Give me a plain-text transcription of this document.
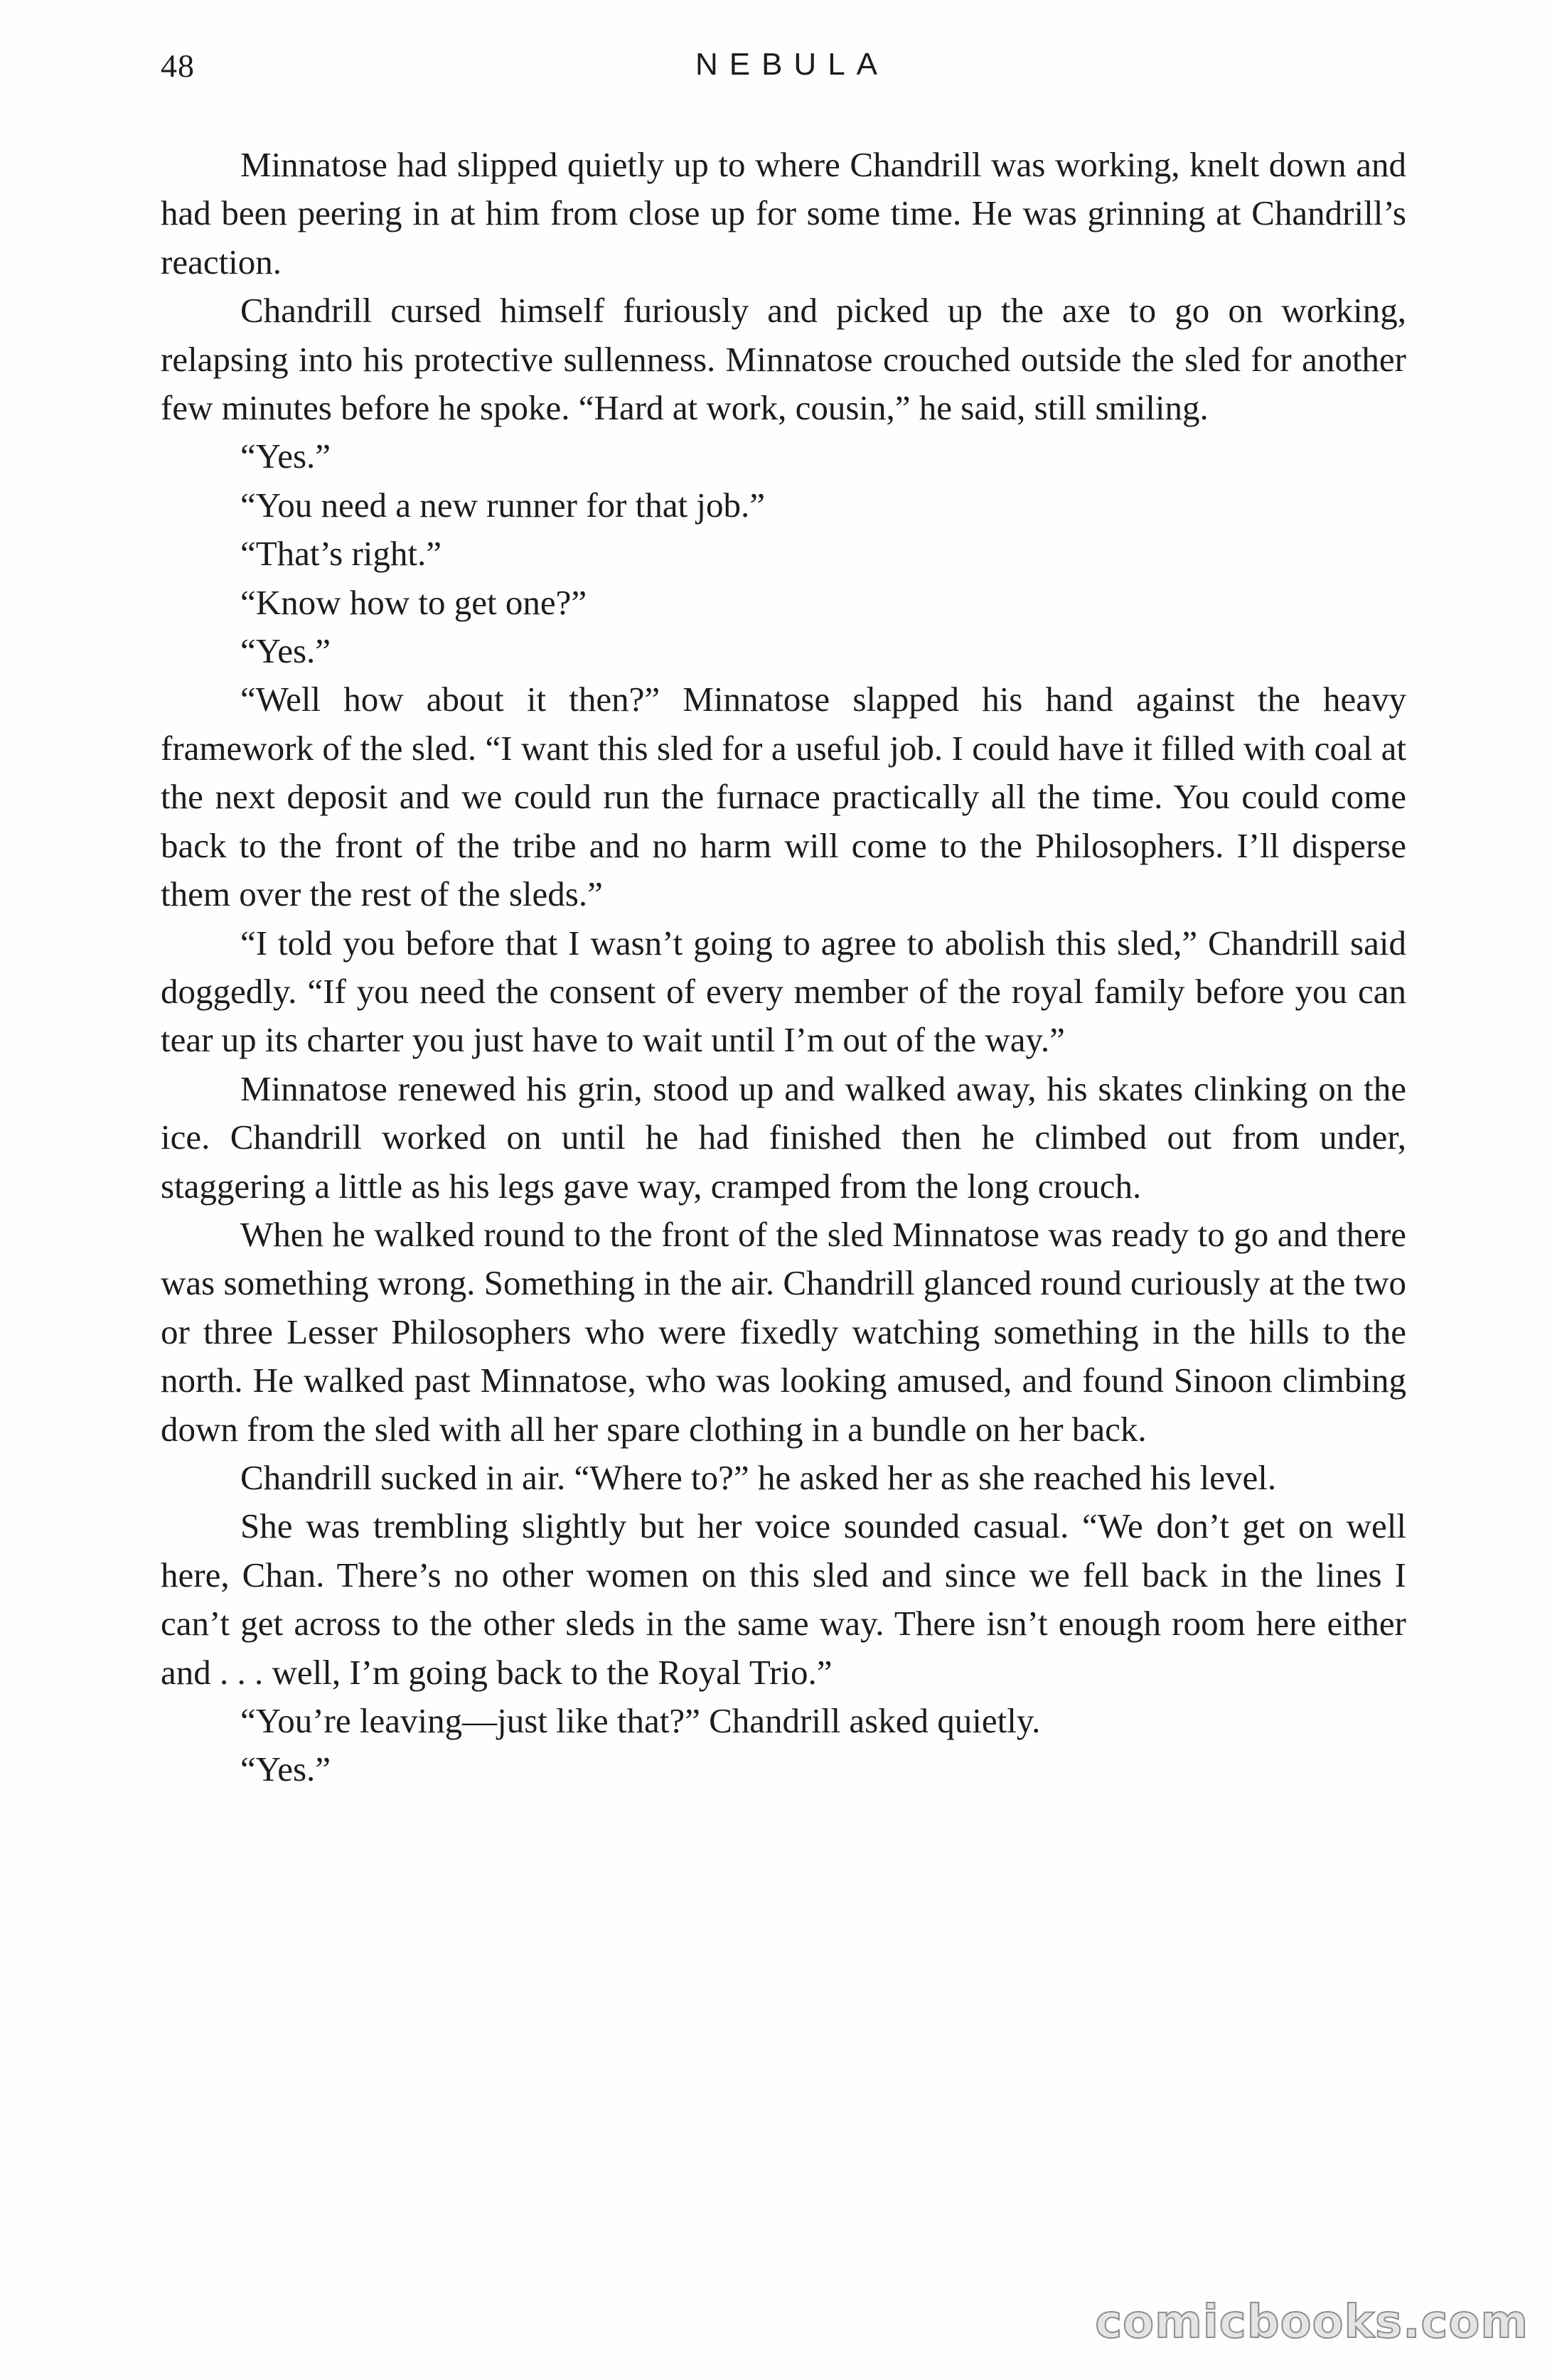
48	NEBULA

Minnatose had slipped quietly up to where Chandrill was working, knelt down and had been peering in at him from close up for some time. He was grinning at Chandrill’s reaction.

Chandrill cursed himself furiously and picked up the axe to go on working, relapsing into his protective sullenness. Minnatose crouched outside the sled for another few minutes before he spoke. “Hard at work, cousin,” he said, still smiling.

“Yes.”

“You need a new runner for that job.”

“That’s right.”

“Know how to get one?”

“Yes.”

“Well how about it then?” Minnatose slapped his hand against the heavy framework of the sled. “I want this sled for a useful job. I could have it filled with coal at the next deposit and we could run the furnace practically all the time. You could come back to the front of the tribe and no harm will come to the Philosophers. I’ll disperse them over the rest of the sleds.”

“I told you before that I wasn’t going to agree to abolish this sled,” Chandrill said doggedly. “If you need the consent of every member of the royal family before you can tear up its charter you just have to wait until I’m out of the way.”

Minnatose renewed his grin, stood up and walked away, his skates clinking on the ice. Chandrill worked on until he had finished then he climbed out from under, staggering a little as his legs gave way, cramped from the long crouch.

When he walked round to the front of the sled Minnatose was ready to go and there was something wrong. Something in the air. Chandrill glanced round curiously at the two or three Lesser Philosophers who were fixedly watching something in the hills to the north. He walked past Minnatose, who was looking amused, and found Sinoon climbing down from the sled with all her spare clothing in a bundle on her back.

Chandrill sucked in air. “Where to?” he asked her as she reached his level.

She was trembling slightly but her voice sounded casual. “We don’t get on well here, Chan. There’s no other women on this sled and since we fell back in the lines I can’t get across to the other sleds in the same way. There isn’t enough room here either and . . . well, I’m going back to the Royal Trio.”

“You’re leaving—just like that?” Chandrill asked quietly.

“Yes.”

comicbooks.com
